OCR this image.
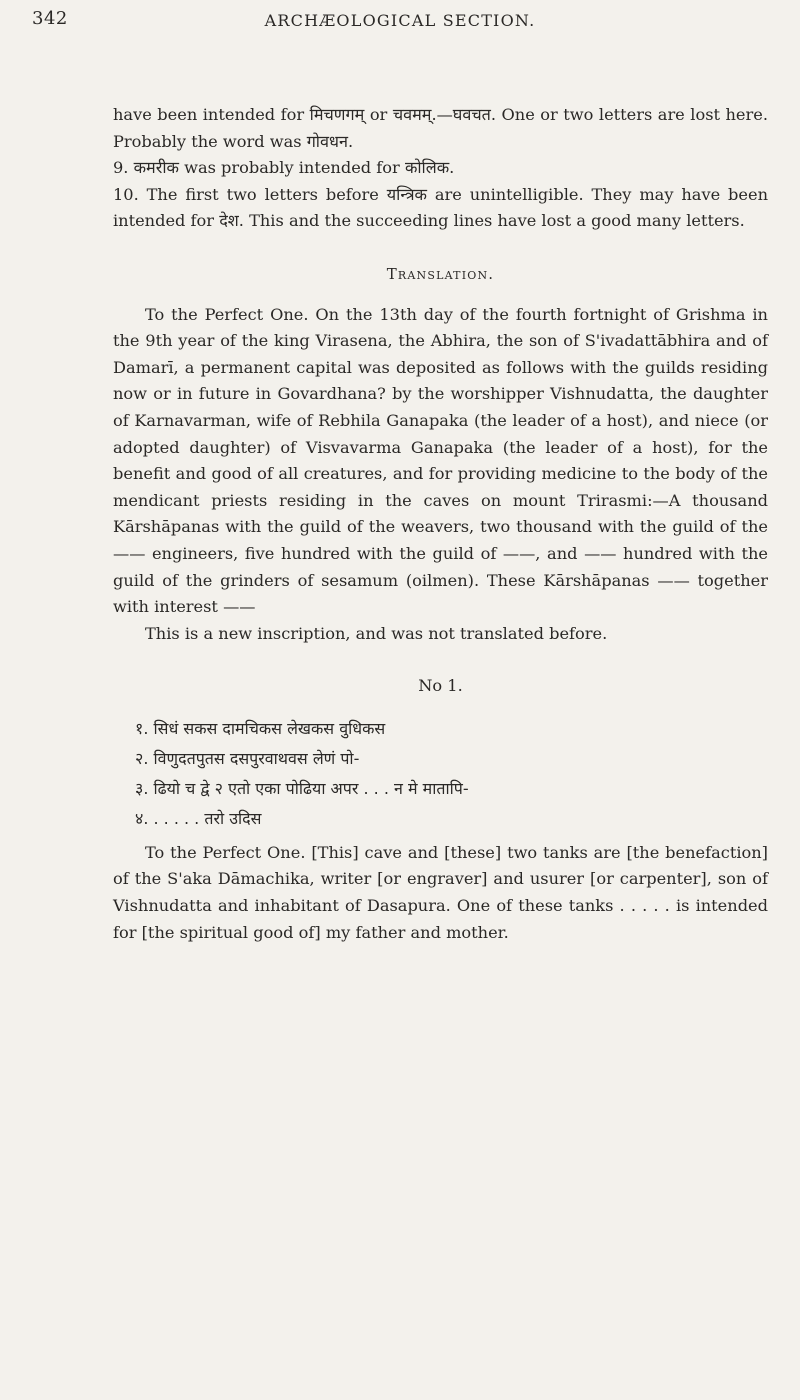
342	ARCHÆOLOGICAL SECTION.

have been intended for मिचणगम् or चवमम्.—घवचत. One or two letters are lost here. Probably the word was गोवधन.

9. कमरीक was probably intended for कोलिक.

10. The first two letters before यन्त्रिक are unintelligible. They may have been intended for देश. This and the succeeding lines have lost a good many letters.

Translation.

To the Perfect One. On the 13th day of the fourth fortnight of Grishma in the 9th year of the king Virasena, the Abhira, the son of S'ivadattābhira and of Damarī, a permanent capital was deposited as follows with the guilds residing now or in future in Govardhana? by the worshipper Vishnudatta, the daughter of Karnavarman, wife of Rebhila Ganapaka (the leader of a host), and niece (or adopted daughter) of Visvavarma Ganapaka (the leader of a host), for the benefit and good of all creatures, and for providing medicine to the body of the mendicant priests residing in the caves on mount Trirasmi:—A thousand Kārshāpanas with the guild of the weavers, two thousand with the guild of the —— engineers, five hundred with the guild of ——, and —— hundred with the guild of the grinders of sesamum (oilmen). These Kārshāpanas —— together with interest ——

This is a new inscription, and was not translated before.

No 1.
१. सिधं सकस दामचिकस लेखकस वुधिकस
२. विणुदतपुतस दसपुरवाथवस लेणं पो-
३. ढियो च द्वे २ एतो एका पोढिया अपर . . . न मे मातापि-
४. . . . . . तरो उदिस

To the Perfect One. [This] cave and [these] two tanks are [the benefaction] of the S'aka Dāmachika, writer [or engraver] and usurer [or carpenter], son of Vishnudatta and inhabitant of Dasapura. One of these tanks . . . . . is intended for [the spiritual good of] my father and mother.
